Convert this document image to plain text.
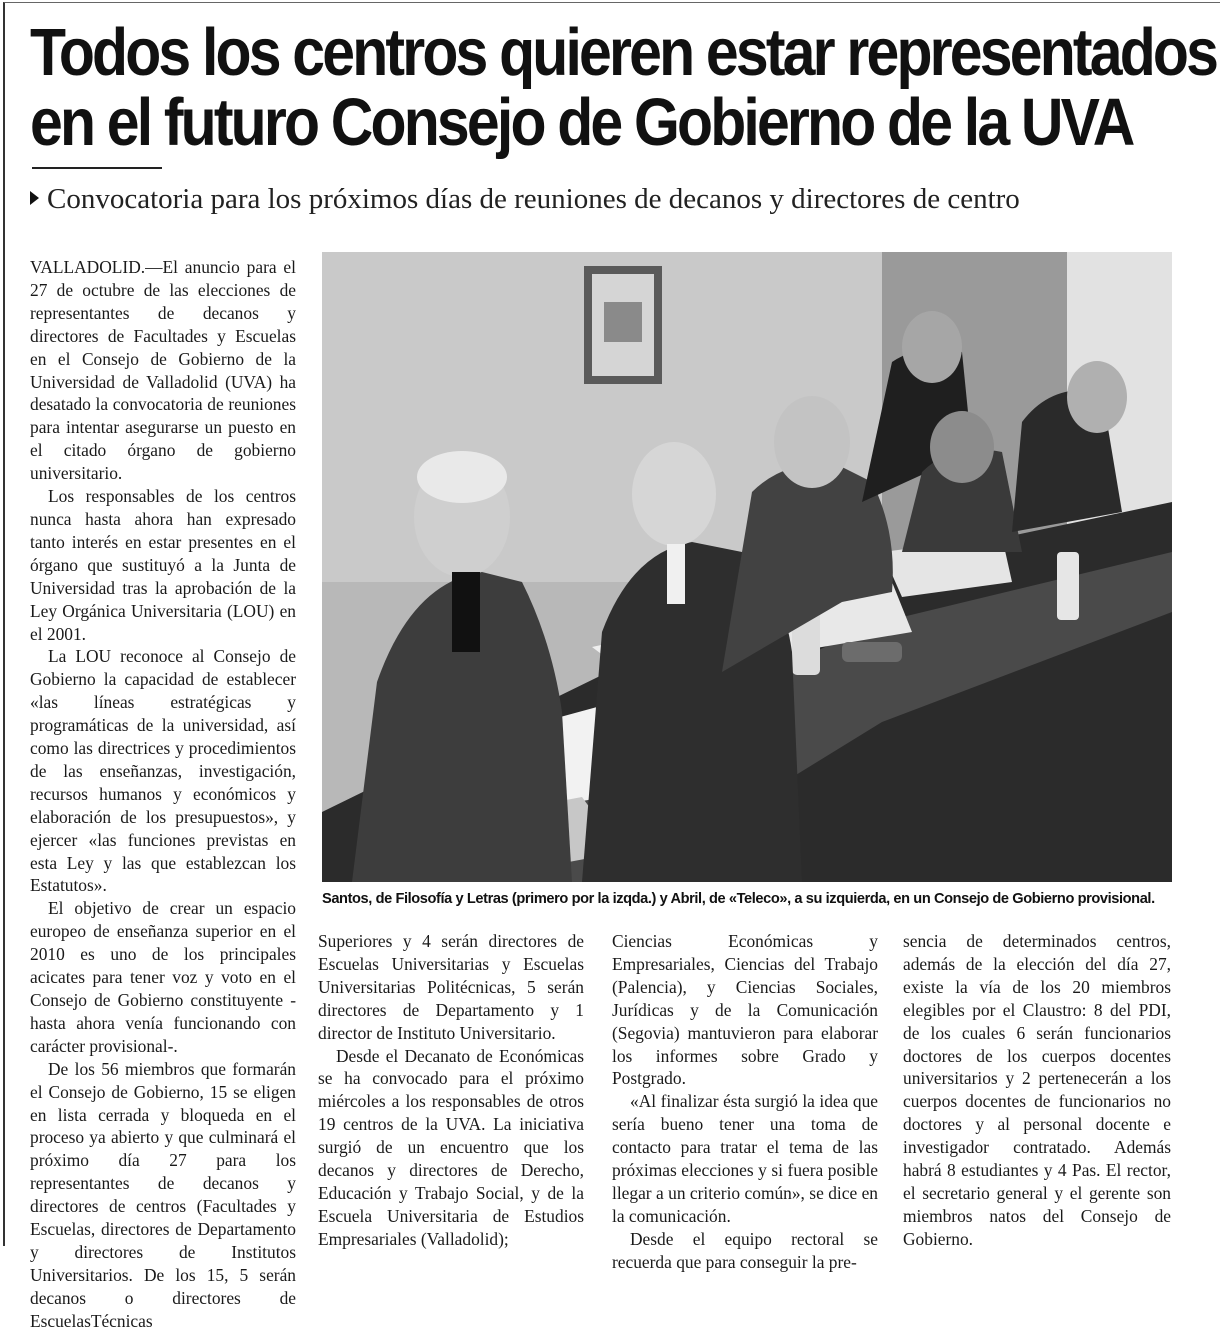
Todos los centros quieren estar representados
en el futuro Consejo de Gobierno de la UVA
Convocatoria para los próximos días de reuniones de decanos y directores de centro

VALLADOLID.—El anuncio para el 27 de octubre de las elecciones de representantes de decanos y directores de Facultades y Escuelas en el Consejo de Gobierno de la Universidad de Valladolid (UVA) ha desatado la convocatoria de reuniones para intentar asegurarse un puesto en el citado órgano de gobierno universitario.

Los responsables de los centros nunca hasta ahora han expresado tanto interés en estar presentes en el órgano que sustituyó a la Junta de Universidad tras la aprobación de la Ley Orgánica Universitaria (LOU) en el 2001.

La LOU reconoce al Consejo de Gobierno la capacidad de establecer «las líneas estratégicas y programáticas de la universidad, así como las directrices y procedimientos de las enseñanzas, investigación, recursos humanos y económicos y elaboración de los presupuestos», y ejercer «las funciones previstas en esta Ley y las que establezcan los Estatutos».

El objetivo de crear un espacio europeo de enseñanza superior en el 2010 es uno de los principales acicates para tener voz y voto en el Consejo de Gobierno constituyente -hasta ahora venía funcionando con carácter provisional-.

De los 56 miembros que formarán el Consejo de Gobierno, 15 se eligen en lista cerrada y bloqueda en el proceso ya abierto y que culminará el próximo día 27 para los representantes de decanos y directores de centros (Facultades y Escuelas, directores de Departamento y directores de Institutos Universitarios. De los 15, 5 serán decanos o directores de EscuelasTécnicas

Santos, de Filosofía y Letras (primero por la izqda.) y Abril, de «Teleco», a su izquierda, en un Consejo de Gobierno provisional.

Superiores y 4 serán directores de Escuelas Universitarias y Escuelas Universitarias Politécnicas, 5 serán directores de Departamento y 1 director de Instituto Universitario.

Desde el Decanato de Económicas se ha convocado para el próximo miércoles a los responsables de otros 19 centros de la UVA. La iniciativa surgió de un encuentro que los decanos y directores de Derecho, Educación y Trabajo Social, y de la Escuela Universitaria de Estudios Empresariales (Valladolid);

Ciencias Económicas y Empresariales, Ciencias del Trabajo (Palencia), y Ciencias Sociales, Jurídicas y de la Comunicación (Segovia) mantuvieron para elaborar los informes sobre Grado y Postgrado.

«Al finalizar ésta surgió la idea que sería bueno tener una toma de contacto para tratar el tema de las próximas elecciones y si fuera posible llegar a un criterio común», se dice en la comunicación.

Desde el equipo rectoral se recuerda que para conseguir la pre-

sencia de determinados centros, además de la elección del día 27, existe la vía de los 20 miembros elegibles por el Claustro: 8 del PDI, de los cuales 6 serán funcionarios doctores de los cuerpos docentes universitarios y 2 pertenecerán a los cuerpos docentes de funcionarios no doctores y al personal docente e investigador contratado. Además habrá 8 estudiantes y 4 Pas. El rector, el secretario general y el gerente son miembros natos del Consejo de Gobierno.
